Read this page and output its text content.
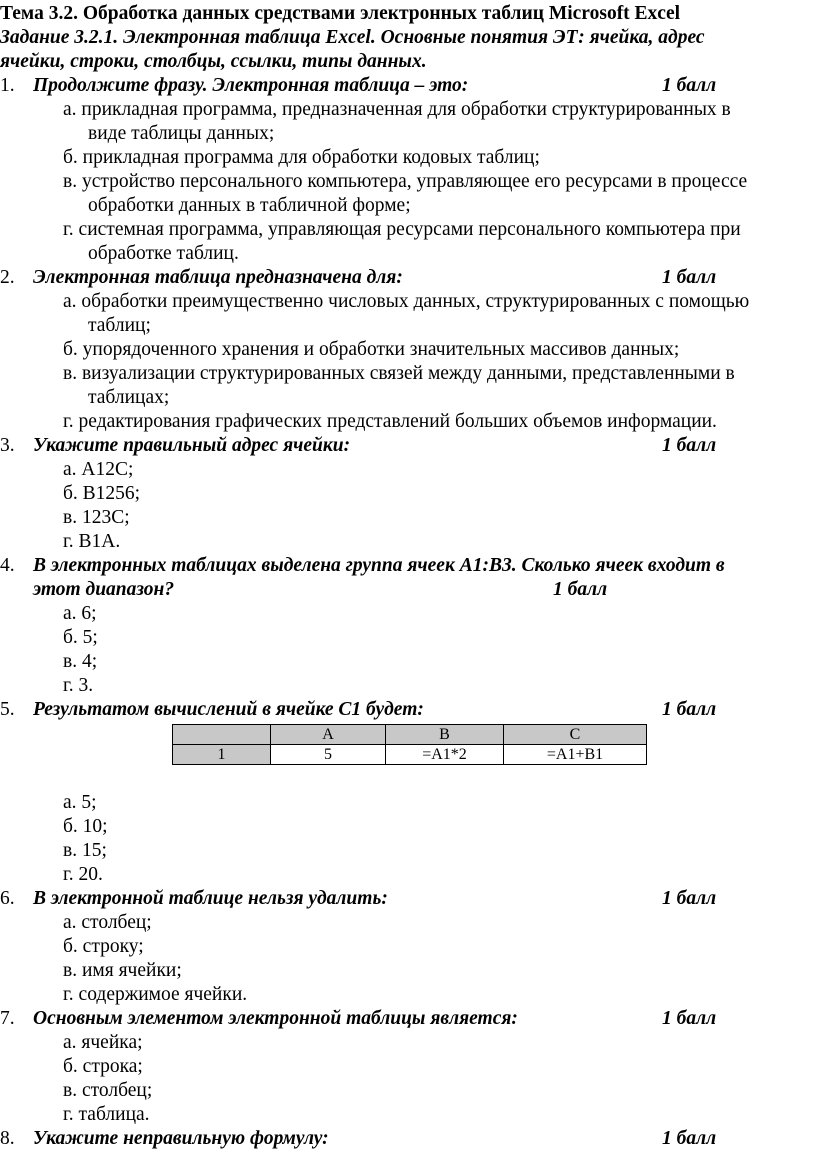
Тема 3.2. Обработка данных средствами электронных таблиц Microsoft Excel
Задание 3.2.1. Электронная таблица Excel. Основные понятия ЭТ: ячейка, адрес
ячейки, строки, столбцы, ссылки, типы данных.
1. Продолжите фразу. Электронная таблица – это:	1 балл
а. прикладная программа, предназначенная для обработки структурированных в
виде таблицы данных;
б. прикладная программа для обработки кодовых таблиц;
в. устройство персонального компьютера, управляющее его ресурсами в процессе
обработки данных в табличной форме;
г. системная программа, управляющая ресурсами персонального компьютера при
обработке таблиц.
2. Электронная таблица предназначена для:	1 балл
а. обработки преимущественно числовых данных, структурированных с помощью
таблиц;
б. упорядоченного хранения и обработки значительных массивов данных;
в. визуализации структурированных связей между данными, представленными в
таблицах;
г. редактирования графических представлений больших объемов информации.
3. Укажите правильный адрес ячейки:	1 балл
а. A12C;
б. B1256;
в. 123C;
г. B1A.
4. В электронных таблицах выделена группа ячеек А1:В3. Сколько ячеек входит в
этот диапазон?	1 балл
а. 6;
б. 5;
в. 4;
г. 3.
5. Результатом вычислений в ячейке С1 будет:	1 балл
	A	B	C
1	5	=A1*2	=A1+B1
а. 5;
б. 10;
в. 15;
г. 20.
6. В электронной таблице нельзя удалить:	1 балл
а. столбец;
б. строку;
в. имя ячейки;
г. содержимое ячейки.
7. Основным элементом электронной таблицы является:	1 балл
а. ячейка;
б. строка;
в. столбец;
г. таблица.
8. Укажите неправильную формулу:	1 балл
